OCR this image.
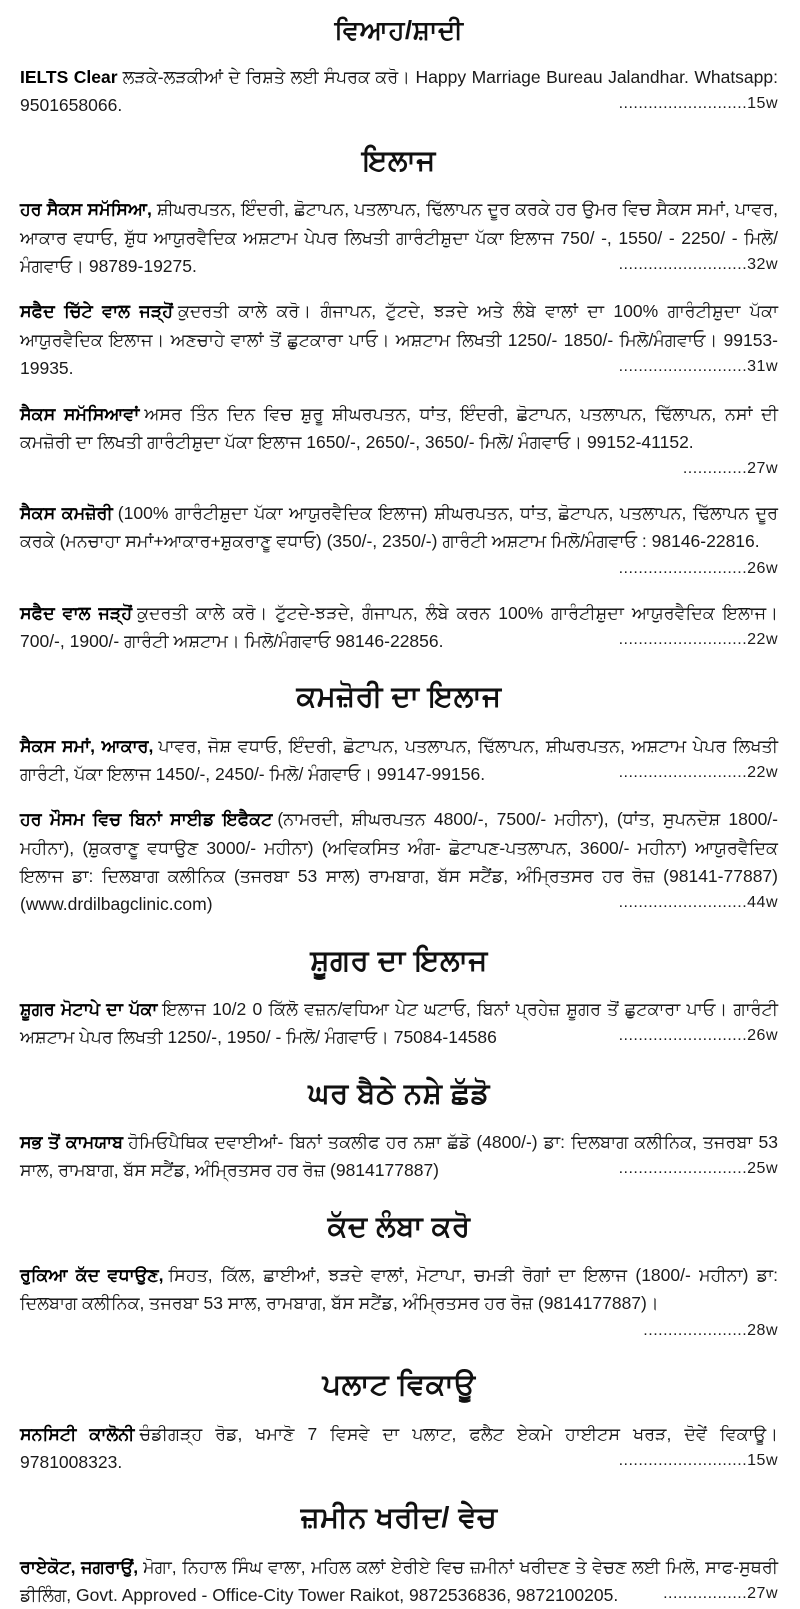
ਵਿਆਹ/ਸ਼ਾਦੀ

IELTS Clear ਲੜਕੇ-ਲੜਕੀਆਂ ਦੇ ਰਿਸ਼ਤੇ ਲਈ ਸੰਪਰਕ ਕਰੋ। Happy Marriage Bureau Jalandhar. Whatsapp: 9501658066.	..........................15w

ਇਲਾਜ

ਹਰ ਸੈਕਸ ਸਮੱਸਿਆ, ਸ਼ੀਘਰਪਤਨ, ਇੰਦਰੀ, ਛੋਟਾਪਨ, ਪਤਲਾਪਨ, ਢਿੱਲਾਪਨ ਦੂਰ ਕਰਕੇ ਹਰ ਉਮਰ ਵਿਚ ਸੈਕਸ ਸਮਾਂ, ਪਾਵਰ, ਆਕਾਰ ਵਧਾਓ, ਸ਼ੁੱਧ ਆਯੁਰਵੈਦਿਕ ਅਸ਼ਟਾਮ ਪੇਪਰ ਲਿਖਤੀ ਗਾਰੰਟੀਸ਼ੁਦਾ ਪੱਕਾ ਇਲਾਜ 750/ -, 1550/ - 2250/ - ਮਿਲੋ/ ਮੰਗਵਾਓ। 98789-19275.	..........................32w

ਸਫੈਦ ਚਿੱਟੇ ਵਾਲ ਜੜ੍ਹੋਂ ਕੁਦਰਤੀ ਕਾਲੇ ਕਰੋ। ਗੰਜਾਪਨ, ਟੁੱਟਦੇ, ਝੜਦੇ ਅਤੇ ਲੰਬੇ ਵਾਲਾਂ ਦਾ 100% ਗਾਰੰਟੀਸ਼ੁਦਾ ਪੱਕਾ ਆਯੁਰਵੈਦਿਕ ਇਲਾਜ। ਅਣਚਾਹੇ ਵਾਲਾਂ ਤੋਂ ਛੁਟਕਾਰਾ ਪਾਓ। ਅਸ਼ਟਾਮ ਲਿਖਤੀ 1250/- 1850/- ਮਿਲੋ/ਮੰਗਵਾਓ। 99153-19935.	..........................31w

ਸੈਕਸ ਸਮੱਸਿਆਵਾਂ ਅਸਰ ਤਿੰਨ ਦਿਨ ਵਿਚ ਸ਼ੁਰੂ ਸ਼ੀਘਰਪਤਨ, ਧਾਂਤ, ਇੰਦਰੀ, ਛੋਟਾਪਨ, ਪਤਲਾਪਨ, ਢਿੱਲਾਪਨ, ਨਸਾਂ ਦੀ ਕਮਜ਼ੋਰੀ ਦਾ ਲਿਖਤੀ ਗਾਰੰਟੀਸ਼ੁਦਾ ਪੱਕਾ ਇਲਾਜ 1650/-, 2650/-, 3650/- ਮਿਲੋ/ ਮੰਗਵਾਓ। 99152-41152.
.............27w

ਸੈਕਸ ਕਮਜ਼ੋਰੀ (100% ਗਾਰੰਟੀਸ਼ੁਦਾ ਪੱਕਾ ਆਯੁਰਵੈਦਿਕ ਇਲਾਜ) ਸ਼ੀਘਰਪਤਨ, ਧਾਂਤ, ਛੋਟਾਪਨ, ਪਤਲਾਪਨ, ਢਿੱਲਾਪਨ ਦੂਰ ਕਰਕੇ (ਮਨਚਾਹਾ ਸਮਾਂ+ਆਕਾਰ+ਸ਼ੁਕਰਾਣੂ ਵਧਾਓ) (350/-, 2350/-) ਗਾਰੰਟੀ ਅਸ਼ਟਾਮ ਮਿਲੋ/ਮੰਗਵਾਓ : 98146-22816.
..........................26w

ਸਫੈਦ ਵਾਲ ਜੜ੍ਹੋਂ ਕੁਦਰਤੀ ਕਾਲੇ ਕਰੋ। ਟੁੱਟਦੇ-ਝੜਦੇ, ਗੰਜਾਪਨ, ਲੰਬੇ ਕਰਨ 100% ਗਾਰੰਟੀਸ਼ੁਦਾ ਆਯੁਰਵੈਦਿਕ ਇਲਾਜ। 700/-, 1900/- ਗਾਰੰਟੀ ਅਸ਼ਟਾਮ। ਮਿਲੋ/ਮੰਗਵਾਓ 98146-22856.	..........................22w

ਕਮਜ਼ੋਰੀ ਦਾ ਇਲਾਜ

ਸੈਕਸ ਸਮਾਂ, ਆਕਾਰ, ਪਾਵਰ, ਜੋਸ਼ ਵਧਾਓ, ਇੰਦਰੀ, ਛੋਟਾਪਨ, ਪਤਲਾਪਨ, ਢਿੱਲਾਪਨ, ਸ਼ੀਘਰਪਤਨ, ਅਸ਼ਟਾਮ ਪੇਪਰ ਲਿਖਤੀ ਗਾਰੰਟੀ, ਪੱਕਾ ਇਲਾਜ 1450/-, 2450/- ਮਿਲੋ/ ਮੰਗਵਾਓ। 99147-99156.	..........................22w

ਹਰ ਮੌਸਮ ਵਿਚ ਬਿਨਾਂ ਸਾਈਡ ਇਫੈਕਟ (ਨਾਮਰਦੀ, ਸ਼ੀਘਰਪਤਨ 4800/-, 7500/- ਮਹੀਨਾ), (ਧਾਂਤ, ਸੁਪਨਦੋਸ਼ 1800/- ਮਹੀਨਾ), (ਸ਼ੁਕਰਾਣੂ ਵਧਾਉਣ 3000/- ਮਹੀਨਾ) (ਅਵਿਕਸਿਤ ਅੰਗ- ਛੋਟਾਪਣ-ਪਤਲਾਪਨ, 3600/- ਮਹੀਨਾ) ਆਯੁਰਵੈਦਿਕ ਇਲਾਜ ਡਾ: ਦਿਲਬਾਗ ਕਲੀਨਿਕ (ਤਜਰਬਾ 53 ਸਾਲ) ਰਾਮਬਾਗ, ਬੱਸ ਸਟੈਂਡ, ਅੰਮ੍ਰਿਤਸਰ ਹਰ ਰੋਜ਼ (98141-77887) (www.drdilbagclinic.com)	..........................44w

ਸ਼ੂਗਰ ਦਾ ਇਲਾਜ

ਸ਼ੂਗਰ ਮੋਟਾਪੇ ਦਾ ਪੱਕਾ ਇਲਾਜ 10/2 0 ਕਿੱਲੋ ਵਜ਼ਨ/ਵਧਿਆ ਪੇਟ ਘਟਾਓ, ਬਿਨਾਂ ਪ੍ਰਹੇਜ਼ ਸ਼ੂਗਰ ਤੋਂ ਛੁਟਕਾਰਾ ਪਾਓ। ਗਾਰੰਟੀ ਅਸ਼ਟਾਮ ਪੇਪਰ ਲਿਖਤੀ 1250/-, 1950/ - ਮਿਲੋ/ ਮੰਗਵਾਓ। 75084-14586	..........................26w

ਘਰ ਬੈਠੇ ਨਸ਼ੇ ਛੱਡੋ

ਸਭ ਤੋਂ ਕਾਮਯਾਬ ਹੋਮਿਓਪੈਥਿਕ ਦਵਾਈਆਂ- ਬਿਨਾਂ ਤਕਲੀਫ ਹਰ ਨਸ਼ਾ ਛੱਡੋ (4800/-) ਡਾ: ਦਿਲਬਾਗ ਕਲੀਨਿਕ, ਤਜਰਬਾ 53 ਸਾਲ, ਰਾਮਬਾਗ, ਬੱਸ ਸਟੈਂਡ, ਅੰਮ੍ਰਿਤਸਰ ਹਰ ਰੋਜ਼ (9814177887)	..........................25w

ਕੱਦ ਲੰਬਾ ਕਰੋ

ਰੁਕਿਆ ਕੱਦ ਵਧਾਉਣ, ਸਿਹਤ, ਕਿੱਲ, ਛਾਈਆਂ, ਝੜਦੇ ਵਾਲਾਂ, ਮੋਟਾਪਾ, ਚਮੜੀ ਰੋਗਾਂ ਦਾ ਇਲਾਜ (1800/- ਮਹੀਨਾ) ਡਾ: ਦਿਲਬਾਗ ਕਲੀਨਿਕ, ਤਜਰਬਾ 53 ਸਾਲ, ਰਾਮਬਾਗ, ਬੱਸ ਸਟੈਂਡ, ਅੰਮ੍ਰਿਤਸਰ ਹਰ ਰੋਜ਼ (9814177887)।
.....................28w

ਪਲਾਟ ਵਿਕਾਊ

ਸਨਸਿਟੀ ਕਾਲੋਨੀ ਚੰਡੀਗੜ੍ਹ ਰੋਡ, ਖਮਾਣੋ 7 ਵਿਸਵੇ ਦਾ ਪਲਾਟ, ਫਲੈਟ ਏਕਮੇ ਹਾਈਟਸ ਖਰੜ, ਦੋਵੇਂ ਵਿਕਾਊ। 9781008323.	..........................15w

ਜ਼ਮੀਨ ਖਰੀਦ/ ਵੇਚ

ਰਾਏਕੋਟ, ਜਗਰਾਉਂ, ਮੋਗਾ, ਨਿਹਾਲ ਸਿੰਘ ਵਾਲਾ, ਮਹਿਲ ਕਲਾਂ ਏਰੀਏ ਵਿਚ ਜ਼ਮੀਨਾਂ ਖਰੀਦਣ ਤੇ ਵੇਚਣ ਲਈ ਮਿਲੋ, ਸਾਫ-ਸੁਥਰੀ ਡੀਲਿੰਗ, Govt. Approved - Office-City Tower Raikot, 9872536836, 9872100205.	.................27w
